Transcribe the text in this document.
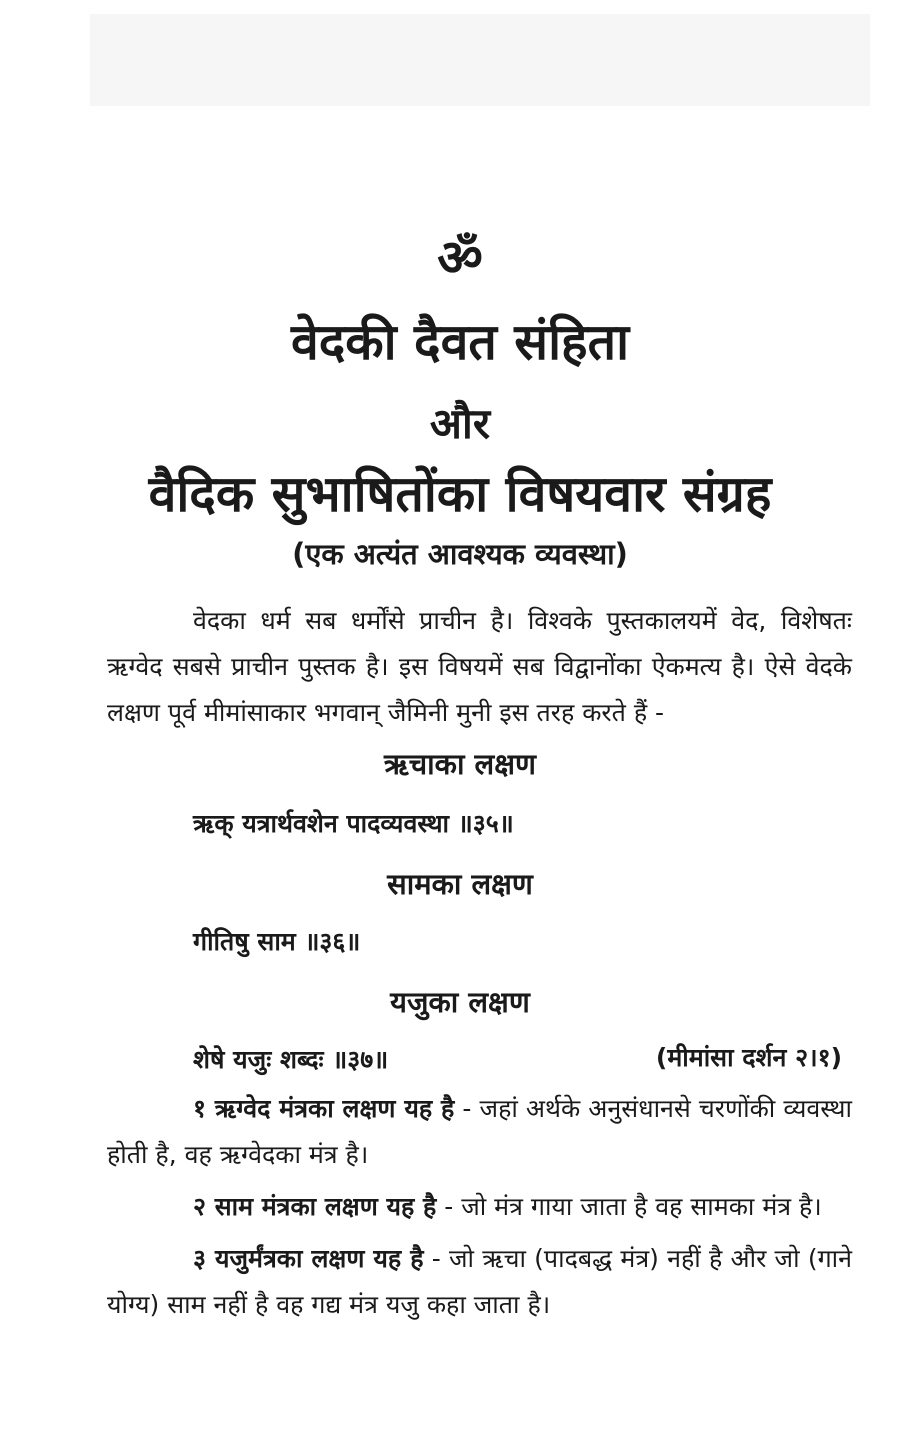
ॐ
वेदकी दैवत संहिता
और
वैदिक सुभाषितोंका विषयवार संग्रह
(एक अत्यंत आवश्यक व्यवस्था)

वेदका धर्म सब धर्मोंसे प्राचीन है। विश्वके पुस्तकालयमें वेद, विशेषतः ऋग्वेद सबसे प्राचीन पुस्तक है। इस विषयमें सब विद्वानोंका ऐकमत्य है। ऐसे वेदके लक्षण पूर्व मीमांसाकार भगवान् जैमिनी मुनी इस तरह करते हैं -

ऋचाका लक्षण
ऋक् यत्रार्थवशेन पादव्यवस्था ॥३५॥
सामका लक्षण
गीतिषु साम ॥३६॥
यजुका लक्षण
शेषे यजुः शब्दः ॥३७॥	(मीमांसा दर्शन २।१)

१ ऋग्वेद मंत्रका लक्षण यह है - जहां अर्थके अनुसंधानसे चरणोंकी व्यवस्था होती है, वह ऋग्वेदका मंत्र है।

२ साम मंत्रका लक्षण यह है - जो मंत्र गाया जाता है वह सामका मंत्र है।

३ यजुर्मंत्रका लक्षण यह है - जो ऋचा (पादबद्ध मंत्र) नहीं है और जो (गाने योग्य) साम नहीं है वह गद्य मंत्र यजु कहा जाता है।
